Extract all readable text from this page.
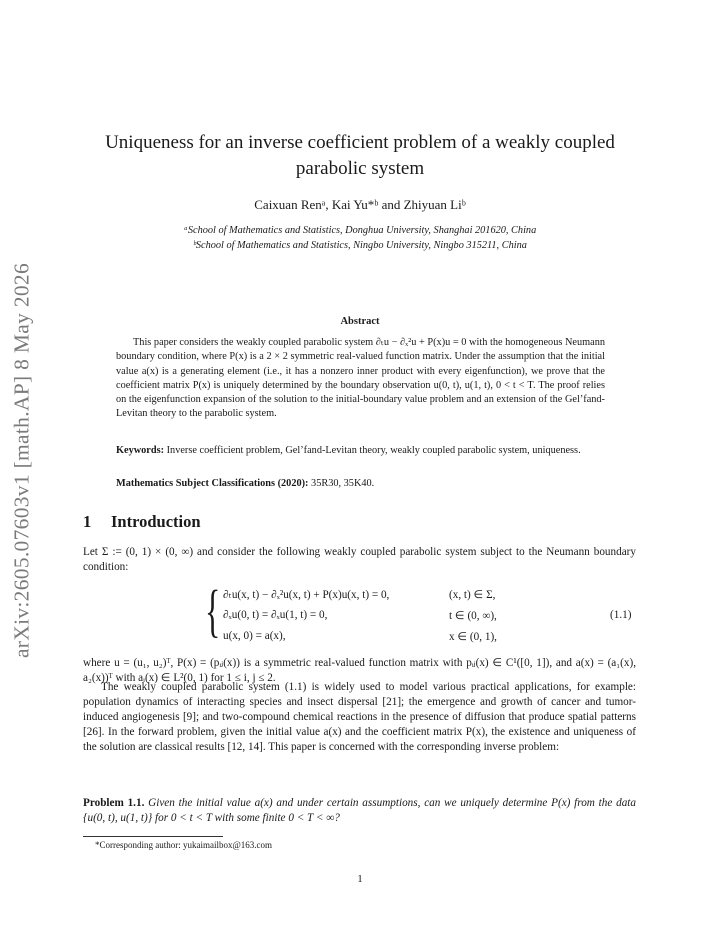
arXiv:2605.07603v1 [math.AP] 8 May 2026
Uniqueness for an inverse coefficient problem of a weakly coupled parabolic system
Caixuan Renᵃ, Kai Yu*ᵇ and Zhiyuan Liᵇ
ᵃSchool of Mathematics and Statistics, Donghua University, Shanghai 201620, China
ᵇSchool of Mathematics and Statistics, Ningbo University, Ningbo 315211, China
Abstract
This paper considers the weakly coupled parabolic system ∂ₜu − ∂ₓ²u + P(x)u = 0 with the homogeneous Neumann boundary condition, where P(x) is a 2 × 2 symmetric real-valued function matrix. Under the assumption that the initial value a(x) is a generating element (i.e., it has a nonzero inner product with every eigenfunction), we prove that the coefficient matrix P(x) is uniquely determined by the boundary observation u(0, t), u(1, t), 0 < t < T. The proof relies on the eigenfunction expansion of the solution to the initial-boundary value problem and an extension of the Gel’fand-Levitan theory to the parabolic system.
Keywords: Inverse coefficient problem, Gel’fand-Levitan theory, weakly coupled parabolic system, uniqueness.
Mathematics Subject Classifications (2020): 35R30, 35K40.
1 Introduction
Let Σ := (0, 1) × (0, ∞) and consider the following weakly coupled parabolic system subject to the Neumann boundary condition:
{ ∂ₜu(x, t) − ∂ₓ²u(x, t) + P(x)u(x, t) = 0,	(x, t) ∈ Σ,
∂ₓu(0, t) = ∂ₓu(1, t) = 0,	t ∈ (0, ∞),
u(x, 0) = a(x),	x ∈ (0, 1),
(1.1)
where u = (u₁, u₂)ᵀ, P(x) = (pᵢⱼ(x)) is a symmetric real-valued function matrix with pᵢⱼ(x) ∈ C¹([0, 1]), and a(x) = (a₁(x), a₂(x))ᵀ with aᵢ(x) ∈ L²(0, 1) for 1 ≤ i, j ≤ 2.
The weakly coupled parabolic system (1.1) is widely used to model various practical applications, for example: population dynamics of interacting species and insect dispersal [21]; the emergence and growth of cancer and tumor-induced angiogenesis [9]; and two-compound chemical reactions in the presence of diffusion that produce spatial patterns [26]. In the forward problem, given the initial value a(x) and the coefficient matrix P(x), the existence and uniqueness of the solution are classical results [12, 14]. This paper is concerned with the corresponding inverse problem:
Problem 1.1. Given the initial value a(x) and under certain assumptions, can we uniquely determine P(x) from the data {u(0, t), u(1, t)} for 0 < t < T with some finite 0 < T < ∞?
*Corresponding author: yukaimailbox@163.com
1
